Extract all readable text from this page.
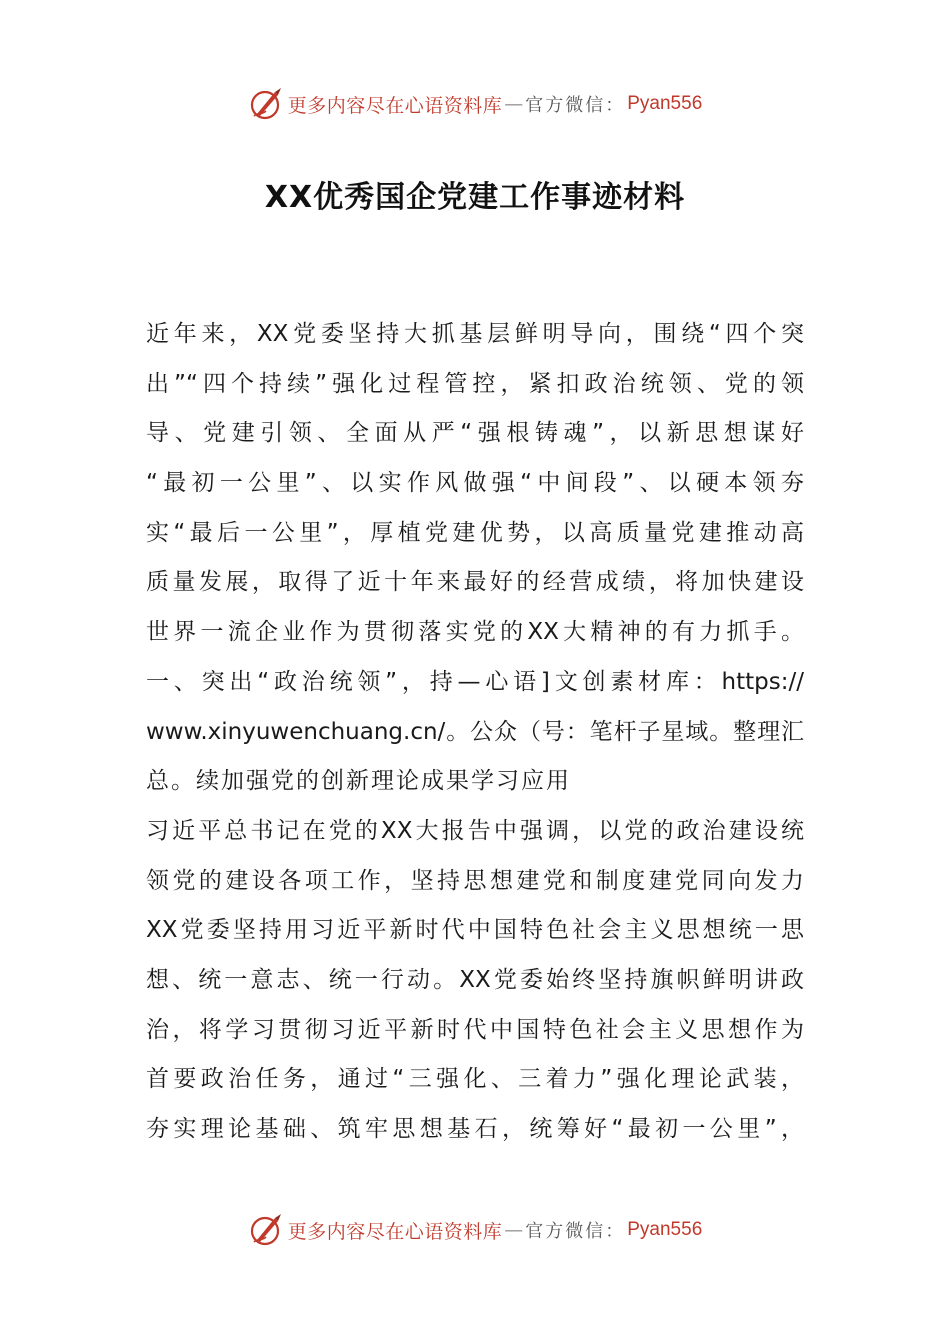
更多内容尽在心语资料库 — 官方微信： Pyan556
XX优秀国企党建工作事迹材料
近年来，XX党委坚持大抓基层鲜明导向，围绕“四个突
出”“四个持续”强化过程管控，紧扣政治统领、党的领
导、党建引领、全面从严“强根铸魂”，以新思想谋好
“最初一公里”、以实作风做强“中间段”、以硬本领夯
实“最后一公里”，厚植党建优势，以高质量党建推动高
质量发展，取得了近十年来最好的经营成绩，将加快建设
世界一流企业作为贯彻落实党的XX大精神的有力抓手。
一、突出“政治统领”，持—心语]文创素材库：https://
www.xinyuwenchuang.cn/。公众（号：笔杆子星域。整理汇
总。续加强党的创新理论成果学习应用
习近平总书记在党的XX大报告中强调，以党的政治建设统
领党的建设各项工作，坚持思想建党和制度建党同向发力
XX党委坚持用习近平新时代中国特色社会主义思想统一思
想、统一意志、统一行动。XX党委始终坚持旗帜鲜明讲政
治，将学习贯彻习近平新时代中国特色社会主义思想作为
首要政治任务，通过“三强化、三着力”强化理论武装，
夯实理论基础、筑牢思想基石，统筹好“最初一公里”，
更多内容尽在心语资料库 — 官方微信： Pyan556
